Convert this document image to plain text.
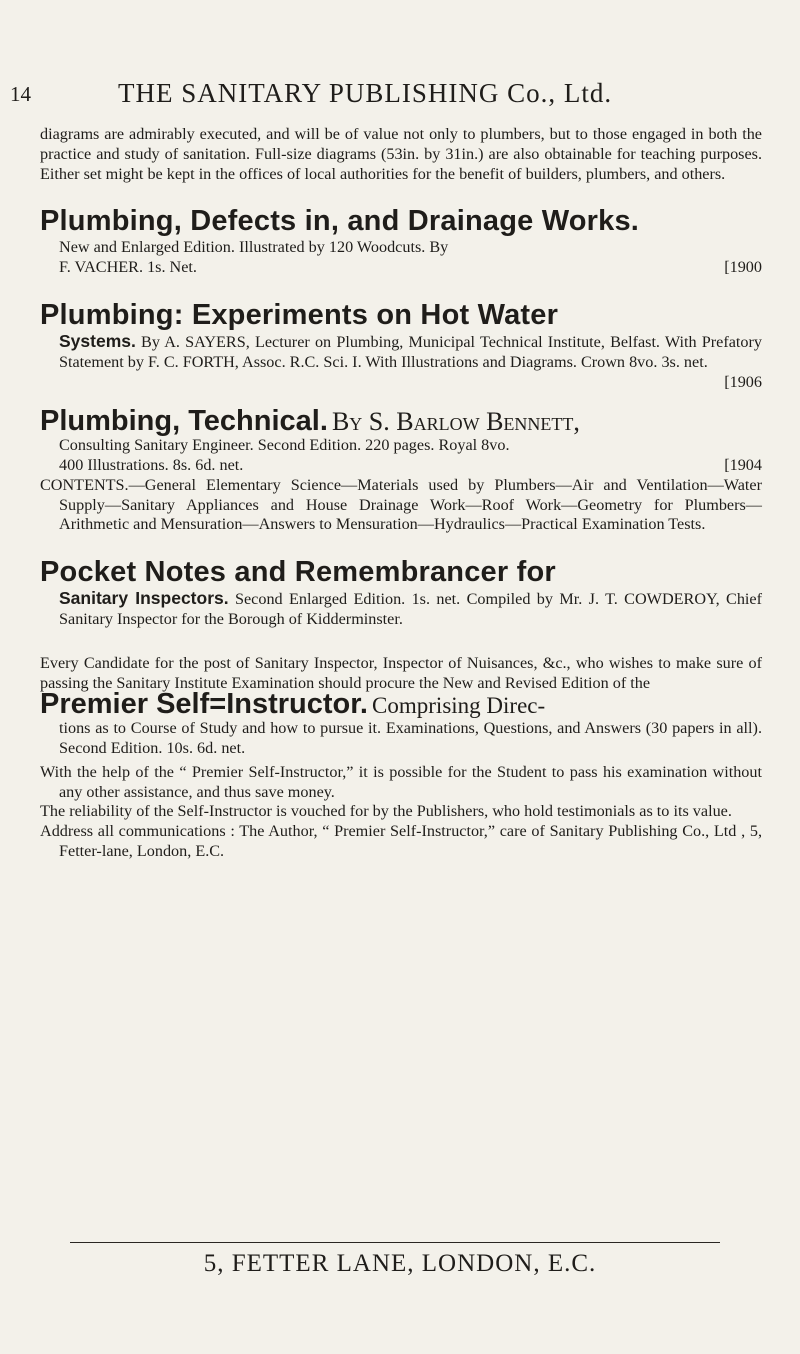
14	THE SANITARY PUBLISHING Co., Ltd.

diagrams are admirably executed, and will be of value not only to plumbers, but to those engaged in both the practice and study of sanitation. Full-size diagrams (53in. by 31in.) are also obtainable for teaching purposes. Either set might be kept in the offices of local authorities for the benefit of builders, plumbers, and others.

Plumbing, Defects in, and Drainage Works.

New and Enlarged Edition. Illustrated by 120 Woodcuts. By

F. VACHER. 1s. Net.	[1900
Plumbing: Experiments on Hot Water

Systems. By A. SAYERS, Lecturer on Plumbing, Municipal Technical Institute, Belfast. With Prefatory Statement by F. C. FORTH, Assoc. R.C. Sci. I. With Illustrations and Diagrams. Crown 8vo. 3s. net.

[1906
Plumbing, Technical. By S. Barlow Bennett,

Consulting Sanitary Engineer. Second Edition. 220 pages. Royal 8vo.

400 Illustrations. 8s. 6d. net.	[1904

CONTENTS.—General Elementary Science—Materials used by Plumbers—Air and Ventilation—Water Supply—Sanitary Appliances and House Drainage Work—Roof Work—Geometry for Plumbers—Arithmetic and Mensuration—Answers to Mensuration—Hydraulics—Practical Examination Tests.

Pocket Notes and Remembrancer for

Sanitary Inspectors. Second Enlarged Edition. 1s. net. Compiled by Mr. J. T. COWDEROY, Chief Sanitary Inspector for the Borough of Kidderminster.

Every Candidate for the post of Sanitary Inspector, Inspector of Nuisances, &c., who wishes to make sure of passing the Sanitary Institute Examination should procure the New and Revised Edition of the

Premier Self=Instructor. Comprising Direc-

tions as to Course of Study and how to pursue it. Examinations, Questions, and Answers (30 papers in all). Second Edition. 10s. 6d. net.

With the help of the “ Premier Self-Instructor,” it is possible for the Student to pass his examination without any other assistance, and thus save money.

The reliability of the Self-Instructor is vouched for by the Publishers, who hold testimonials as to its value.

Address all communications : The Author, “ Premier Self-Instructor,” care of Sanitary Publishing Co., Ltd , 5, Fetter-lane, London, E.C.

5, FETTER LANE, LONDON, E.C.
